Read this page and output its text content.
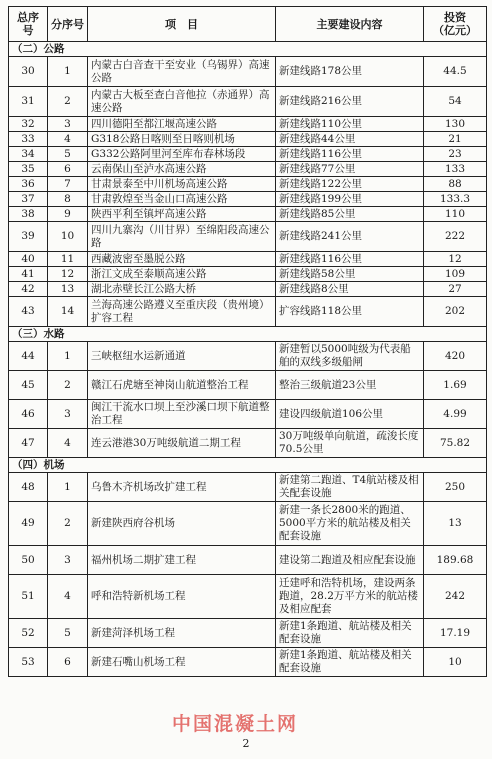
总序号	分序号	项　目	主要建设内容	投资
（亿元）
（二）公路				
30	1	内蒙古白音查干至安业（乌锡界）高速公路	新建线路178公里	44.5
31	2	内蒙古大板至查白音他拉（赤通界）高速公路	新建线路216公里	54
32	3	四川德阳至都江堰高速公路	新建线路110公里	130
33	4	G318公路日喀则至日喀则机场	新建线路44公里	21
34	5	G332公路阿里河至库布春林场段	新建线路116公里	23
35	6	云南保山至泸水高速公路	新建线路77公里	133
36	7	甘肃景泰至中川机场高速公路	新建线路122公里	88
37	8	甘肃敦煌至当金山口高速公路	新建线路199公里	133.3
38	9	陕西平利至镇坪高速公路	新建线路85公里	110
39	10	四川九寨沟（川甘界）至绵阳段高速公路	新建线路241公里	222
40	11	西藏波密至墨脱公路	新建线路116公里	12
41	12	浙江文成至泰顺高速公路	新建线路58公里	109
42	13	湖北赤壁长江公路大桥	新建线路8公里	27
43	14	兰海高速公路遵义至重庆段（贵州境）扩容工程	扩容线路118公里	202
（三）水路				
44	1	三峡枢纽水运新通道	新建暂以5000吨级为代表船舶的双线多级船闸	420
45	2	赣江石虎塘至神岗山航道整治工程	整治三级航道23公里	1.69
46	3	闽江干流水口坝上至沙溪口坝下航道整治工程	建设四级航道106公里	4.99
47	4	连云港港30万吨级航道二期工程	30万吨级单向航道，疏浚长度70.5公里	75.82
（四）机场				
48	1	乌鲁木齐机场改扩建工程	新建第二跑道、T4航站楼及相关配套设施	250
49	2	新建陕西府谷机场	新建一条长2800米的跑道、5000平方米的航站楼及相关配套设施	13
50	3	福州机场二期扩建工程	建设第二跑道及相应配套设施	189.68
51	4	呼和浩特新机场工程	迁建呼和浩特机场，建设两条跑道，28.2万平方米的航站楼及相应配套	242
52	5	新建菏泽机场工程	新建1条跑道、航站楼及相关配套设施	17.19
53	6	新建石嘴山机场工程	新建1条跑道、航站楼及相关配套设施	10
中国混凝土网
2
